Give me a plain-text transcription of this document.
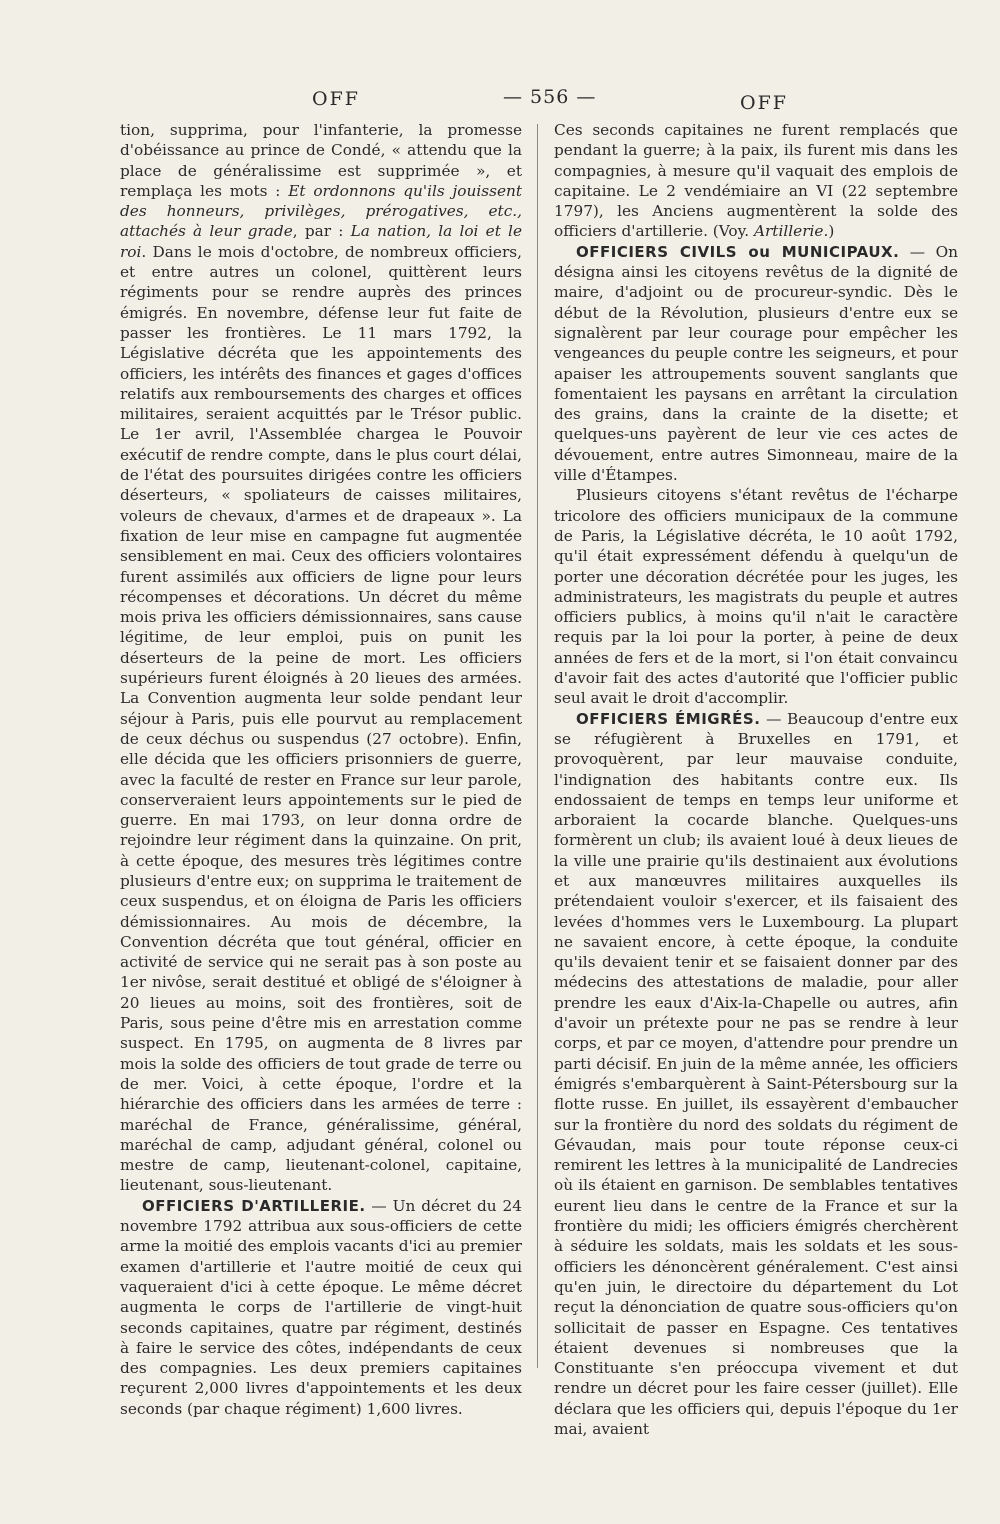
OFF	— 556 —	OFF

tion, supprima, pour l'infanterie, la promesse d'obéissance au prince de Condé, « attendu que la place de généralissime est supprimée », et remplaça les mots : Et ordonnons qu'ils jouissent des honneurs, privilèges, prérogatives, etc., attachés à leur grade, par : La nation, la loi et le roi. Dans le mois d'octobre, de nombreux officiers, et entre autres un colonel, quittèrent leurs régiments pour se rendre auprès des princes émigrés. En novembre, défense leur fut faite de passer les frontières. Le 11 mars 1792, la Législative décréta que les appointements des officiers, les intérêts des finances et gages d'offices relatifs aux remboursements des charges et offices militaires, seraient acquittés par le Trésor public. Le 1er avril, l'Assemblée chargea le Pouvoir exécutif de rendre compte, dans le plus court délai, de l'état des poursuites dirigées contre les officiers déserteurs, « spoliateurs de caisses militaires, voleurs de chevaux, d'armes et de drapeaux ». La fixation de leur mise en campagne fut augmentée sensiblement en mai. Ceux des officiers volontaires furent assimilés aux officiers de ligne pour leurs récompenses et décorations. Un décret du même mois priva les officiers démissionnaires, sans cause légitime, de leur emploi, puis on punit les déserteurs de la peine de mort. Les officiers supérieurs furent éloignés à 20 lieues des armées. La Convention augmenta leur solde pendant leur séjour à Paris, puis elle pourvut au remplacement de ceux déchus ou suspendus (27 octobre). Enfin, elle décida que les officiers prisonniers de guerre, avec la faculté de rester en France sur leur parole, conserveraient leurs appointements sur le pied de guerre. En mai 1793, on leur donna ordre de rejoindre leur régiment dans la quinzaine. On prit, à cette époque, des mesures très légitimes contre plusieurs d'entre eux; on supprima le traitement de ceux suspendus, et on éloigna de Paris les officiers démissionnaires. Au mois de décembre, la Convention décréta que tout général, officier en activité de service qui ne serait pas à son poste au 1er nivôse, serait destitué et obligé de s'éloigner à 20 lieues au moins, soit des frontières, soit de Paris, sous peine d'être mis en arrestation comme suspect. En 1795, on augmenta de 8 livres par mois la solde des officiers de tout grade de terre ou de mer. Voici, à cette époque, l'ordre et la hiérarchie des officiers dans les armées de terre : maréchal de France, généralissime, général, maréchal de camp, adjudant général, colonel ou mestre de camp, lieutenant-colonel, capitaine, lieutenant, sous-lieutenant.

OFFICIERS D'ARTILLERIE. — Un décret du 24 novembre 1792 attribua aux sous-officiers de cette arme la moitié des emplois vacants d'ici au premier examen d'artillerie et l'autre moitié de ceux qui vaqueraient d'ici à cette époque. Le même décret augmenta le corps de l'artillerie de vingt-huit seconds capitaines, quatre par régiment, destinés à faire le service des côtes, indépendants de ceux des compagnies. Les deux premiers capitaines reçurent 2,000 livres d'appointements et les deux seconds (par chaque régiment) 1,600 livres.

Ces seconds capitaines ne furent remplacés que pendant la guerre; à la paix, ils furent mis dans les compagnies, à mesure qu'il vaquait des emplois de capitaine. Le 2 vendémiaire an VI (22 septembre 1797), les Anciens augmentèrent la solde des officiers d'artillerie. (Voy. Artillerie.)

OFFICIERS CIVILS ou MUNICIPAUX. — On désigna ainsi les citoyens revêtus de la dignité de maire, d'adjoint ou de procureur-syndic. Dès le début de la Révolution, plusieurs d'entre eux se signalèrent par leur courage pour empêcher les vengeances du peuple contre les seigneurs, et pour apaiser les attroupements souvent sanglants que fomentaient les paysans en arrêtant la circulation des grains, dans la crainte de la disette; et quelques-uns payèrent de leur vie ces actes de dévouement, entre autres Simonneau, maire de la ville d'Étampes.

Plusieurs citoyens s'étant revêtus de l'écharpe tricolore des officiers municipaux de la commune de Paris, la Législative décréta, le 10 août 1792, qu'il était expressément défendu à quelqu'un de porter une décoration décrétée pour les juges, les administrateurs, les magistrats du peuple et autres officiers publics, à moins qu'il n'ait le caractère requis par la loi pour la porter, à peine de deux années de fers et de la mort, si l'on était convaincu d'avoir fait des actes d'autorité que l'officier public seul avait le droit d'accomplir.

OFFICIERS ÉMIGRÉS. — Beaucoup d'entre eux se réfugièrent à Bruxelles en 1791, et provoquèrent, par leur mauvaise conduite, l'indignation des habitants contre eux. Ils endossaient de temps en temps leur uniforme et arboraient la cocarde blanche. Quelques-uns formèrent un club; ils avaient loué à deux lieues de la ville une prairie qu'ils destinaient aux évolutions et aux manœuvres militaires auxquelles ils prétendaient vouloir s'exercer, et ils faisaient des levées d'hommes vers le Luxembourg. La plupart ne savaient encore, à cette époque, la conduite qu'ils devaient tenir et se faisaient donner par des médecins des attestations de maladie, pour aller prendre les eaux d'Aix-la-Chapelle ou autres, afin d'avoir un prétexte pour ne pas se rendre à leur corps, et par ce moyen, d'attendre pour prendre un parti décisif. En juin de la même année, les officiers émigrés s'embarquèrent à Saint-Pétersbourg sur la flotte russe. En juillet, ils essayèrent d'embaucher sur la frontière du nord des soldats du régiment de Gévaudan, mais pour toute réponse ceux-ci remirent les lettres à la municipalité de Landrecies où ils étaient en garnison. De semblables tentatives eurent lieu dans le centre de la France et sur la frontière du midi; les officiers émigrés cherchèrent à séduire les soldats, mais les soldats et les sous-officiers les dénoncèrent généralement. C'est ainsi qu'en juin, le directoire du département du Lot reçut la dénonciation de quatre sous-officiers qu'on sollicitait de passer en Espagne. Ces tentatives étaient devenues si nombreuses que la Constituante s'en préoccupa vivement et dut rendre un décret pour les faire cesser (juillet). Elle déclara que les officiers qui, depuis l'époque du 1er mai, avaient
